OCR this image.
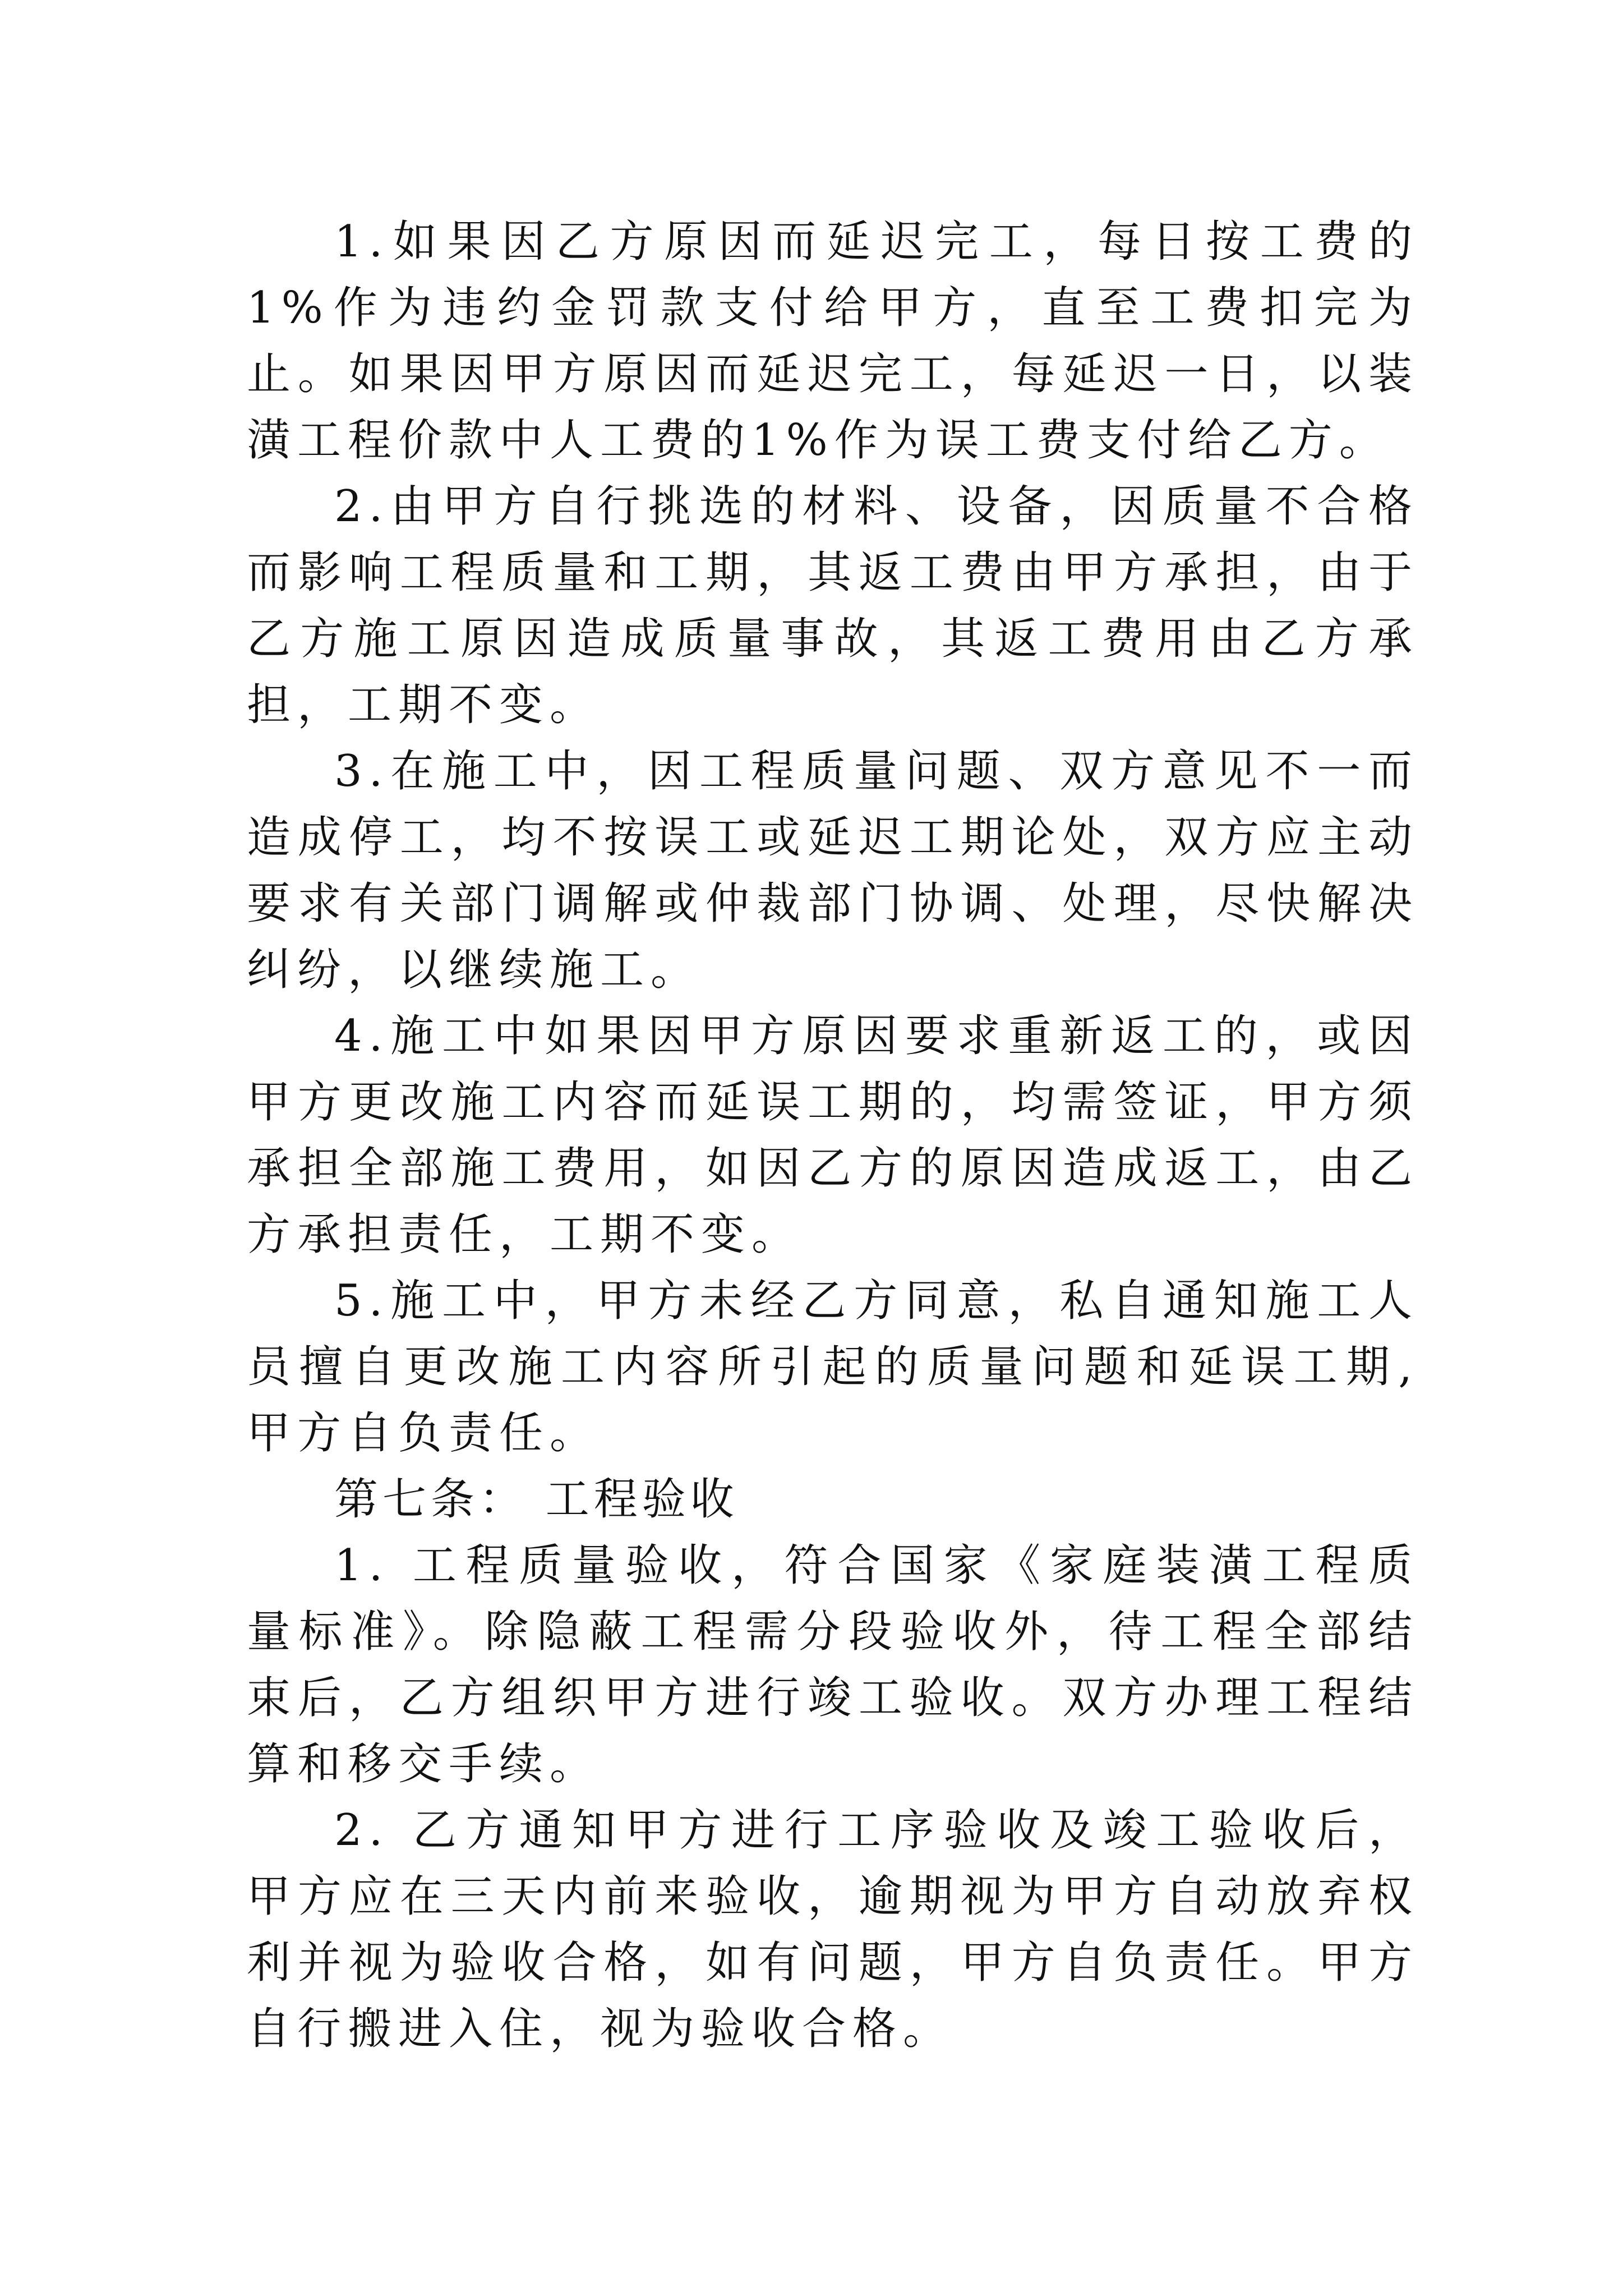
1.如果因乙方原因而延迟完工，每日按工费的1%作为违约金罚款支付给甲方，直至工费扣完为止。如果因甲方原因而延迟完工，每延迟一日，以装潢工程价款中人工费的1%作为误工费支付给乙方。

2.由甲方自行挑选的材料、设备，因质量不合格而影响工程质量和工期，其返工费由甲方承担，由于乙方施工原因造成质量事故，其返工费用由乙方承担，工期不变。

3.在施工中，因工程质量问题、双方意见不一而造成停工，均不按误工或延迟工期论处，双方应主动要求有关部门调解或仲裁部门协调、处理，尽快解决纠纷，以继续施工。

4.施工中如果因甲方原因要求重新返工的，或因甲方更改施工内容而延误工期的，均需签证，甲方须承担全部施工费用，如因乙方的原因造成返工，由乙方承担责任，工期不变。

5.施工中，甲方未经乙方同意，私自通知施工人员擅自更改施工内容所引起的质量问题和延误工期,甲方自负责任。

第七条： 工程验收

1. 工程质量验收，符合国家《家庭装潢工程质量标准》。除隐蔽工程需分段验收外，待工程全部结束后，乙方组织甲方进行竣工验收。双方办理工程结算和移交手续。

2. 乙方通知甲方进行工序验收及竣工验收后，甲方应在三天内前来验收，逾期视为甲方自动放弃权利并视为验收合格，如有问题，甲方自负责任。甲方自行搬进入住，视为验收合格。
